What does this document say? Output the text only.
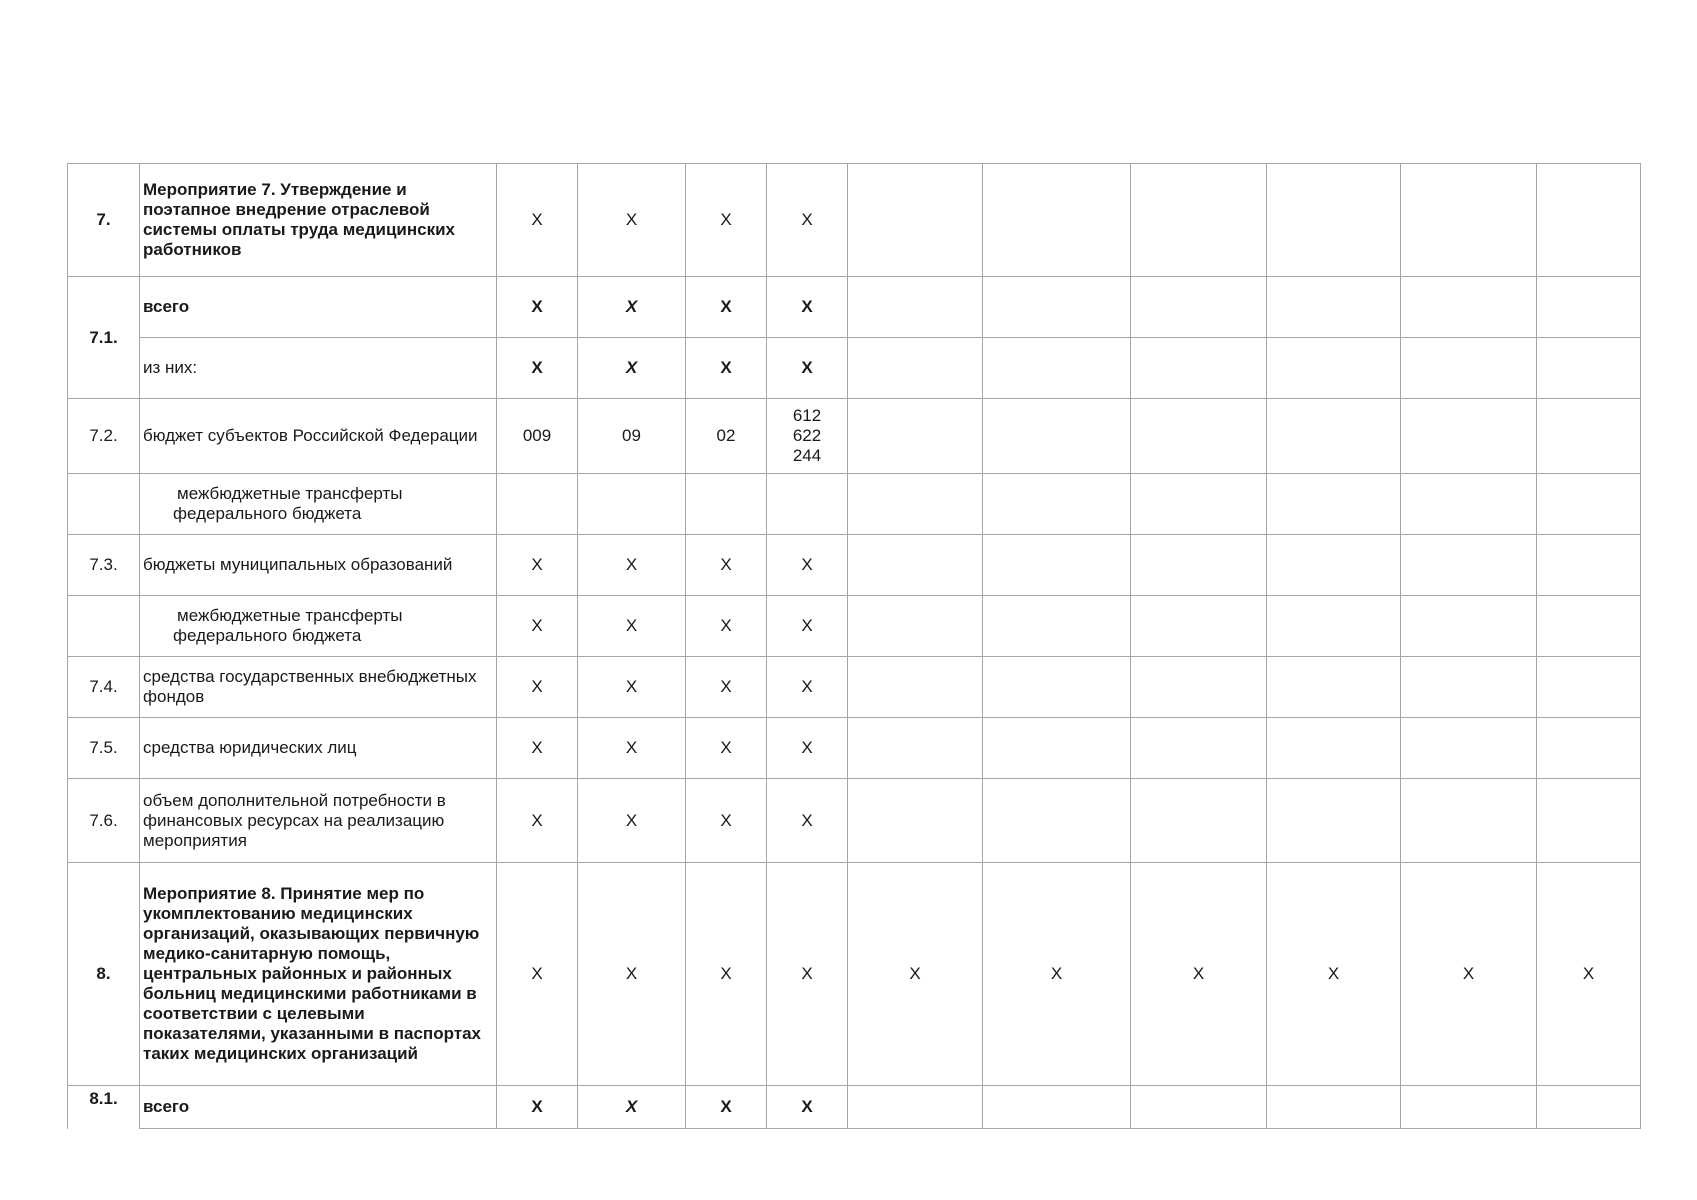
7.	Мероприятие 7. Утверждение и поэтапное внедрение отраслевой системы оплаты труда медицинских работников	X	X	X	X						
7.1.	всего	X	X	X	X						
	из них:	X	X	X	X						
7.2.	бюджет субъектов Российской Федерации	009	09	02	612
622
244						

	межбюджетные трансферты
федерального бюджета										

7.3.	бюджеты муниципальных образований	X	X	X	X						

	межбюджетные трансферты
федерального бюджета	X	X	X	X						
7.4.	средства государственных внебюджетных фондов	X	X	X	X						
7.5.	средства юридических лиц	X	X	X	X						
7.6.	объем дополнительной потребности в финансовых ресурсах на реализацию мероприятия	X	X	X	X						
8.	Мероприятие 8. Принятие мер по укомплектованию медицинских организаций, оказывающих первичную медико-санитарную помощь, центральных районных и районных больниц медицинскими работниками в соответствии с целевыми показателями, указанными в паспортах таких медицинских организаций	X	X	X	X	X	X	X	X	X	X
8.1.	всего	X	X	X	X						
